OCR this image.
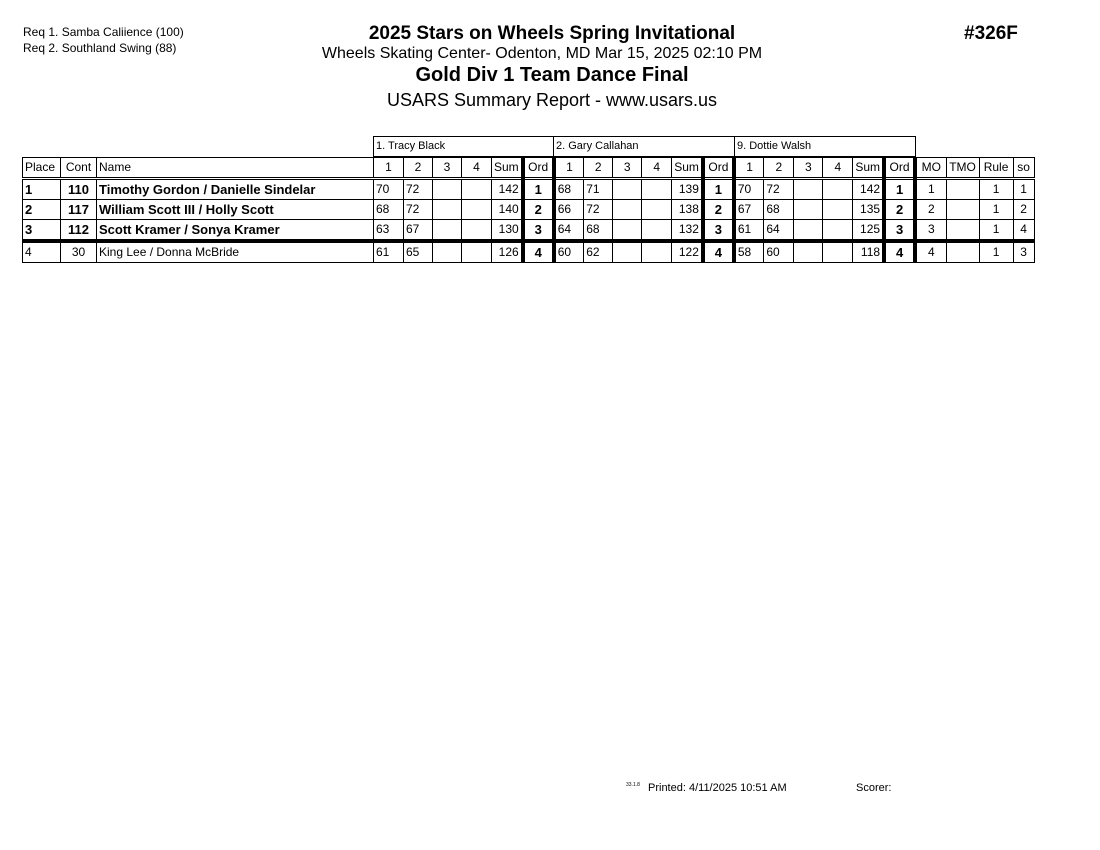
Req 1. Samba Caliience (100)
Req 2. Southland Swing (88)
2025 Stars on Wheels Spring Invitational
Wheels Skating Center- Odenton, MD Mar 15, 2025 02:10 PM
Gold Div 1 Team Dance Final
USARS Summary Report - www.usars.us
#326F
1. Tracy Black	2. Gary Callahan	9. Dottie Walsh
Place	Cont	Name	1	2	3	4	Sum	Ord	1	2	3	4	Sum	Ord	1	2	3	4	Sum	Ord	MO	TMO	Rule	so
1	110	Timothy Gordon / Danielle Sindelar	70	72			142	1	68	71			139	1	70	72			142	1	1		1	1
2	117	William Scott III / Holly Scott	68	72			140	2	66	72			138	2	67	68			135	2	2		1	2
3	112	Scott Kramer / Sonya Kramer	63	67			130	3	64	68			132	3	61	64			125	3	3		1	4
4	30	King Lee / Donna McBride	61	65			126	4	60	62			122	4	58	60			118	4	4		1	3
33.1.8 Printed: 4/11/2025 10:51 AM	Scorer:
